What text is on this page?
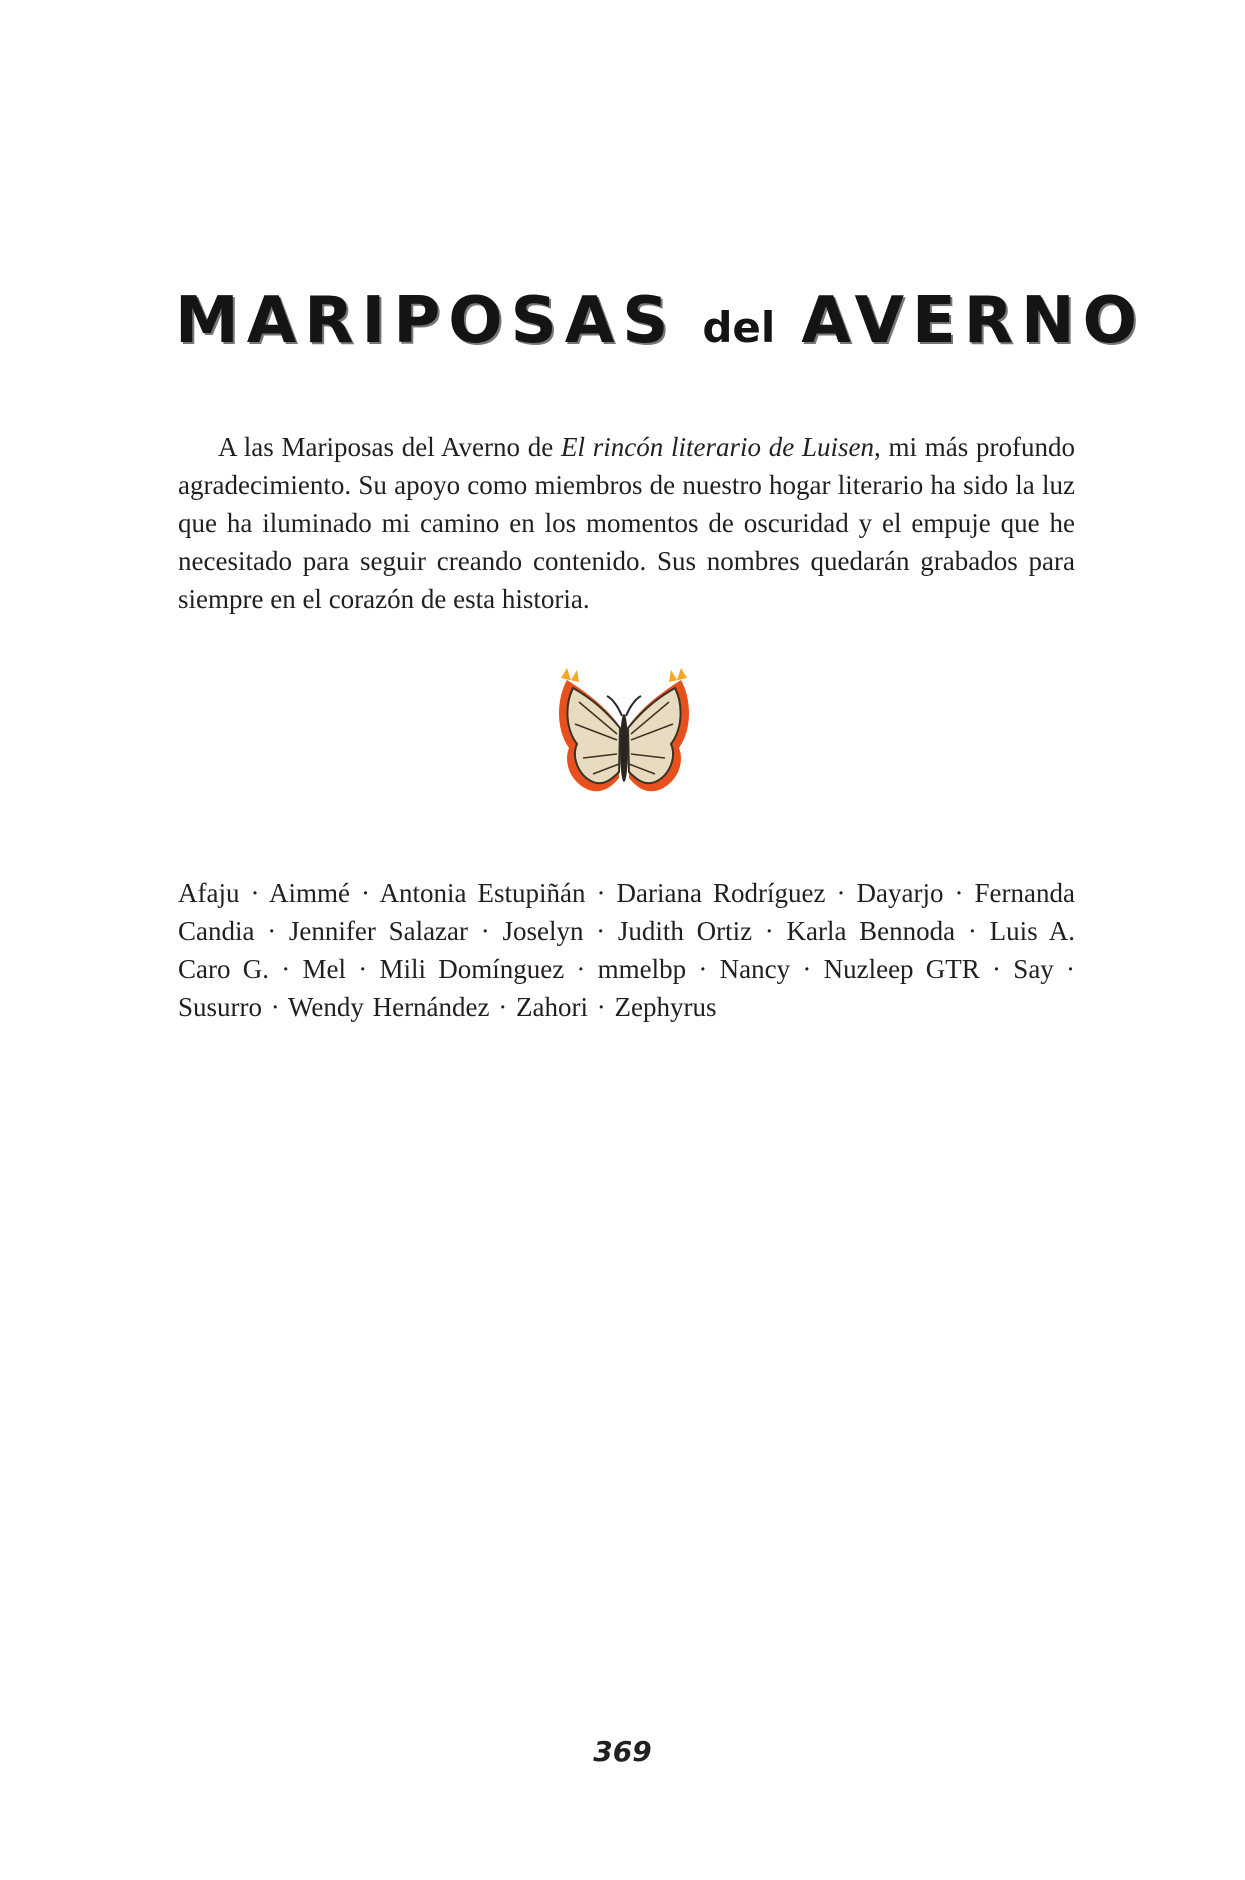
MARIPOSAS del AVERNO

A las Mariposas del Averno de El rincón literario de Luisen, mi más profundo agradecimiento. Su apoyo como miembros de nuestro hogar literario ha sido la luz que ha iluminado mi camino en los momentos de oscuridad y el empuje que he necesitado para seguir creando contenido. Sus nombres quedarán grabados para siempre en el corazón de esta historia.

Afaju · Aimmé · Antonia Estupiñán · Dariana Rodríguez · Dayarjo · Fernanda Candia · Jennifer Salazar · Joselyn · Judith Ortiz · Karla Bennoda · Luis A. Caro G. · Mel · Mili Domínguez · mmelbp · Nancy · Nuzleep GTR · Say · Susurro · Wendy Hernández · Zahori · Zephyrus

369
